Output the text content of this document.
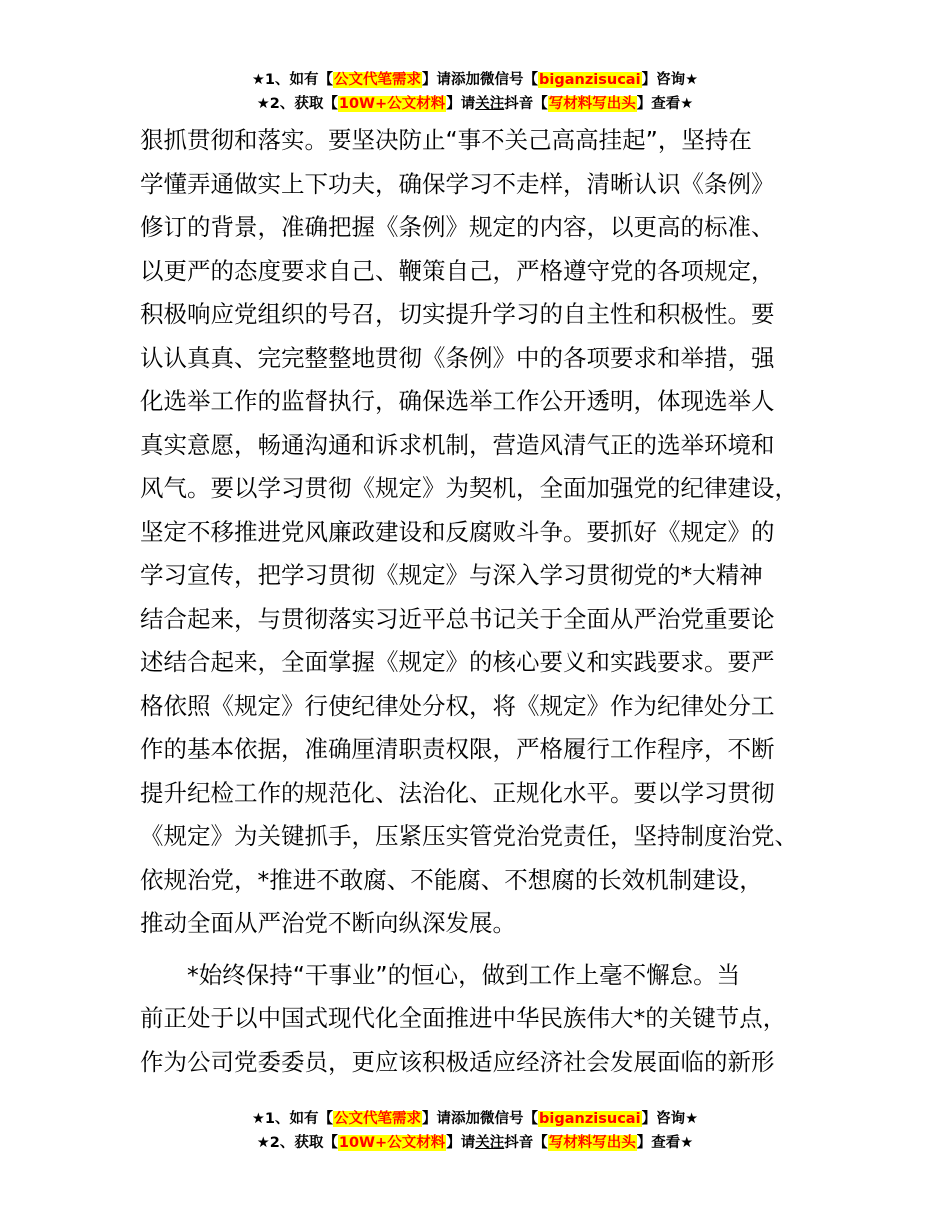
★1、如有【公文代笔需求】请添加微信号【biganzisucai】咨询★
★2、获取【10W+公文材料】请关注抖音【写材料写出头】查看★
狠抓贯彻和落实。要坚决防止“事不关己高高挂起”，坚持在
学懂弄通做实上下功夫，确保学习不走样，清晰认识《条例》
修订的背景，准确把握《条例》规定的内容，以更高的标准、
以更严的态度要求自己、鞭策自己，严格遵守党的各项规定，
积极响应党组织的号召，切实提升学习的自主性和积极性。要
认认真真、完完整整地贯彻《条例》中的各项要求和举措，强
化选举工作的监督执行，确保选举工作公开透明，体现选举人
真实意愿，畅通沟通和诉求机制，营造风清气正的选举环境和
风气。要以学习贯彻《规定》为契机，全面加强党的纪律建设，
坚定不移推进党风廉政建设和反腐败斗争。要抓好《规定》的
学习宣传，把学习贯彻《规定》与深入学习贯彻党的*大精神
结合起来，与贯彻落实习近平总书记关于全面从严治党重要论
述结合起来，全面掌握《规定》的核心要义和实践要求。要严
格依照《规定》行使纪律处分权，将《规定》作为纪律处分工
作的基本依据，准确厘清职责权限，严格履行工作程序，不断
提升纪检工作的规范化、法治化、正规化水平。要以学习贯彻
《规定》为关键抓手，压紧压实管党治党责任，坚持制度治党、
依规治党，*推进不敢腐、不能腐、不想腐的长效机制建设，
推动全面从严治党不断向纵深发展。
　　*始终保持“干事业”的恒心，做到工作上毫不懈怠。当
前正处于以中国式现代化全面推进中华民族伟大*的关键节点，
作为公司党委委员，更应该积极适应经济社会发展面临的新形
★1、如有【公文代笔需求】请添加微信号【biganzisucai】咨询★
★2、获取【10W+公文材料】请关注抖音【写材料写出头】查看★
